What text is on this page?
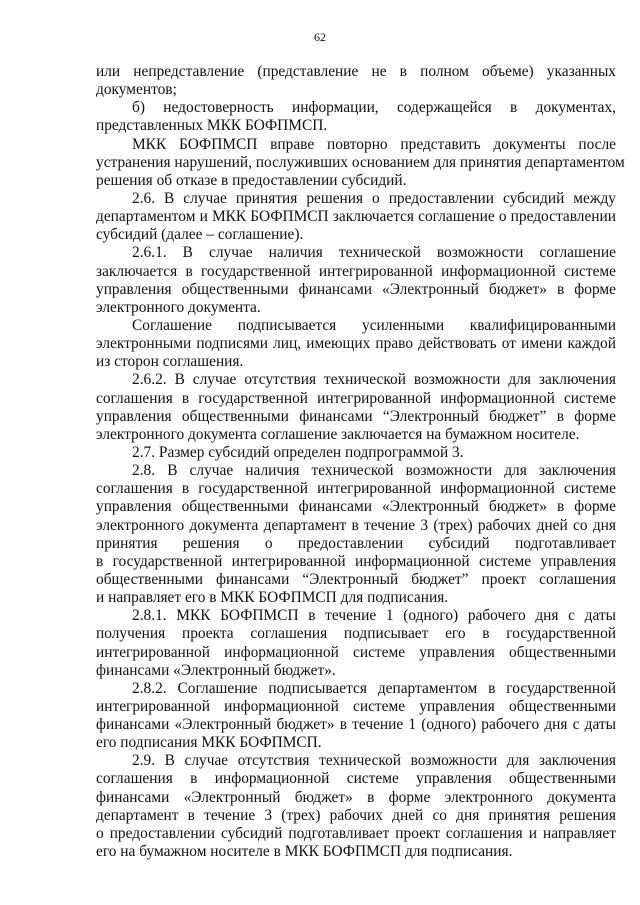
62
или непредставление (представление не в полном объеме) указанных
документов;
б) недостоверность информации, содержащейся в документах,
представленных МКК БОФПМСП.
МКК БОФПМСП вправе повторно представить документы после
устранения нарушений, послуживших основанием для принятия департаментом
решения об отказе в предоставлении субсидий.
2.6. В случае принятия решения о предоставлении субсидий между
департаментом и МКК БОФПМСП заключается соглашение о предоставлении
субсидий (далее – соглашение).
2.6.1. В случае наличия технической возможности соглашение
заключается в государственной интегрированной информационной системе
управления общественными финансами «Электронный бюджет» в форме
электронного документа.
Соглашение подписывается усиленными квалифицированными
электронными подписями лиц, имеющих право действовать от имени каждой
из сторон соглашения.
2.6.2. В случае отсутствия технической возможности для заключения
соглашения в государственной интегрированной информационной системе
управления общественными финансами “Электронный бюджет” в форме
электронного документа соглашение заключается на бумажном носителе.
2.7. Размер субсидий определен подпрограммой 3.
2.8. В случае наличия технической возможности для заключения
соглашения в государственной интегрированной информационной системе
управления общественными финансами «Электронный бюджет» в форме
электронного документа департамент в течение 3 (трех) рабочих дней со дня
принятия решения о предоставлении субсидий подготавливает
в государственной интегрированной информационной системе управления
общественными финансами “Электронный бюджет” проект соглашения
и направляет его в МКК БОФПМСП для подписания.
2.8.1. МКК БОФПМСП в течение 1 (одного) рабочего дня с даты
получения проекта соглашения подписывает его в государственной
интегрированной информационной системе управления общественными
финансами «Электронный бюджет».
2.8.2. Соглашение подписывается департаментом в государственной
интегрированной информационной системе управления общественными
финансами «Электронный бюджет» в течение 1 (одного) рабочего дня с даты
его подписания МКК БОФПМСП.
2.9. В случае отсутствия технической возможности для заключения
соглашения в информационной системе управления общественными
финансами «Электронный бюджет» в форме электронного документа
департамент в течение 3 (трех) рабочих дней со дня принятия решения
о предоставлении субсидий подготавливает проект соглашения и направляет
его на бумажном носителе в МКК БОФПМСП для подписания.
